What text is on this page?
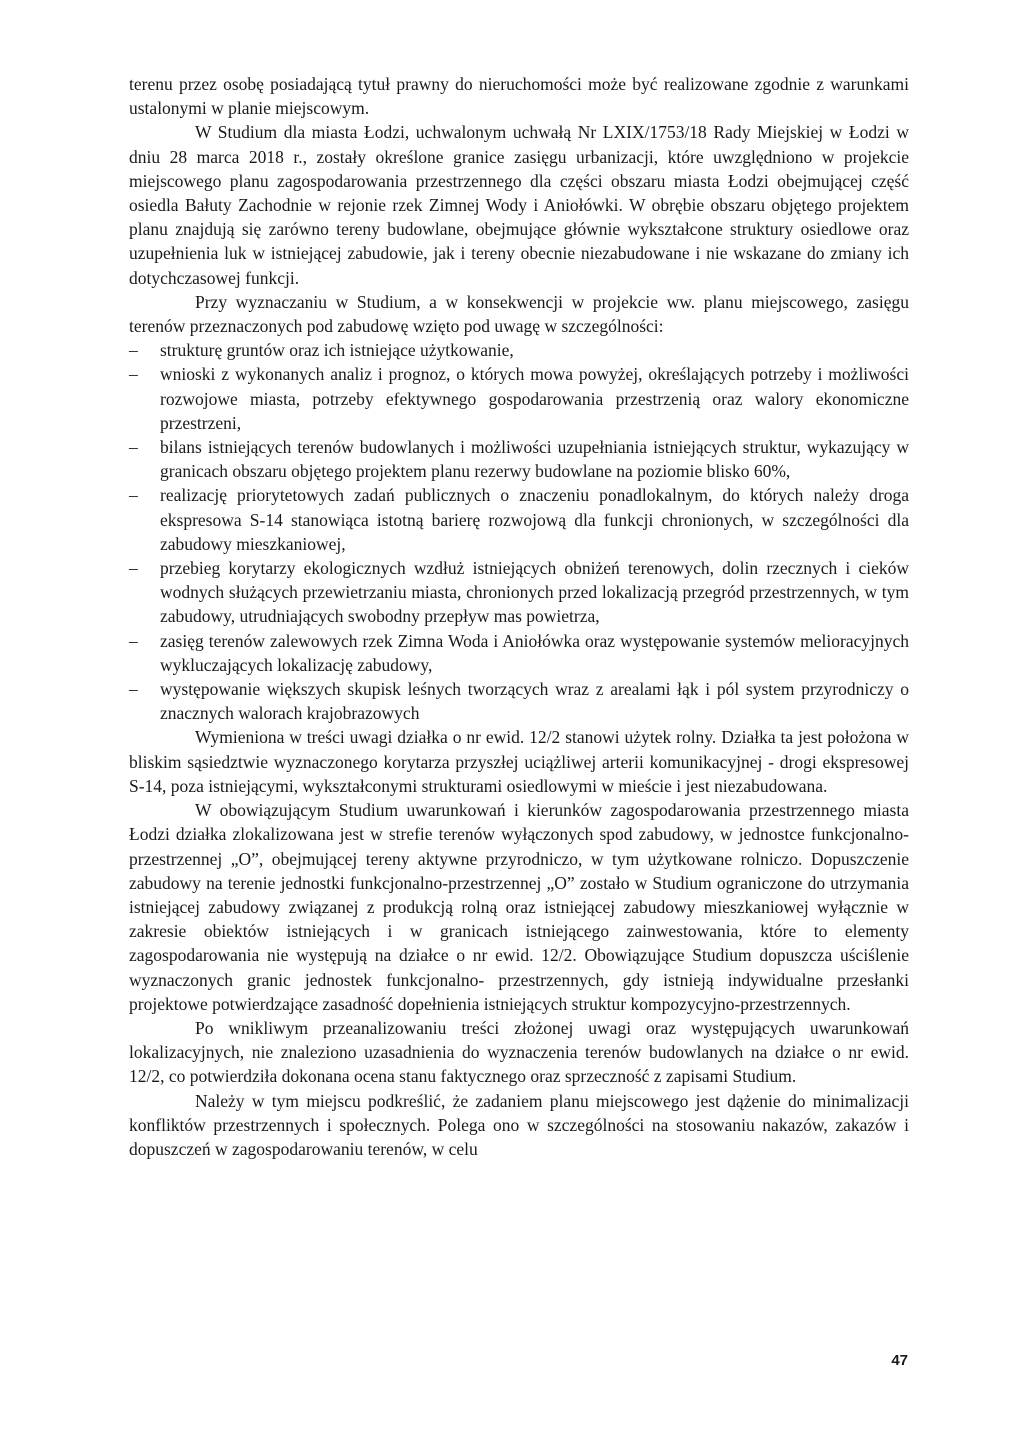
terenu przez osobę posiadającą tytuł prawny do nieruchomości może być realizowane zgodnie z warunkami ustalonymi w planie miejscowym.

W Studium dla miasta Łodzi, uchwalonym uchwałą Nr LXIX/1753/18 Rady Miejskiej w Łodzi w dniu 28 marca 2018 r., zostały określone granice zasięgu urbanizacji, które uwzględniono w projekcie miejscowego planu zagospodarowania przestrzennego dla części obszaru miasta Łodzi obejmującej część osiedla Bałuty Zachodnie w rejonie rzek Zimnej Wody i Aniołówki. W obrębie obszaru objętego projektem planu znajdują się zarówno tereny budowlane, obejmujące głównie wykształcone struktury osiedlowe oraz uzupełnienia luk w istniejącej zabudowie, jak i tereny obecnie niezabudowane i nie wskazane do zmiany ich dotychczasowej funkcji.

Przy wyznaczaniu w Studium, a w konsekwencji w projekcie ww. planu miejscowego, zasięgu terenów przeznaczonych pod zabudowę wzięto pod uwagę w szczególności:

– strukturę gruntów oraz ich istniejące użytkowanie,
– wnioski z wykonanych analiz i prognoz, o których mowa powyżej, określających potrzeby i możliwości rozwojowe miasta, potrzeby efektywnego gospodarowania przestrzenią oraz walory ekonomiczne przestrzeni,
– bilans istniejących terenów budowlanych i możliwości uzupełniania istniejących struktur, wykazujący w granicach obszaru objętego projektem planu rezerwy budowlane na poziomie blisko 60%,
– realizację priorytetowych zadań publicznych o znaczeniu ponadlokalnym, do których należy droga ekspresowa S-14 stanowiąca istotną barierę rozwojową dla funkcji chronionych, w szczególności dla zabudowy mieszkaniowej,
– przebieg korytarzy ekologicznych wzdłuż istniejących obniżeń terenowych, dolin rzecznych i cieków wodnych służących przewietrzaniu miasta, chronionych przed lokalizacją przegród przestrzennych, w tym zabudowy, utrudniających swobodny przepływ mas powietrza,
– zasięg terenów zalewowych rzek Zimna Woda i Aniołówka oraz występowanie systemów melioracyjnych wykluczających lokalizację zabudowy,
– występowanie większych skupisk leśnych tworzących wraz z arealami łąk i pól system przyrodniczy o znacznych walorach krajobrazowych

Wymieniona w treści uwagi działka o nr ewid. 12/2 stanowi użytek rolny. Działka ta jest położona w bliskim sąsiedztwie wyznaczonego korytarza przyszłej uciążliwej arterii komunikacyjnej - drogi ekspresowej S-14, poza istniejącymi, wykształconymi strukturami osiedlowymi w mieście i jest niezabudowana.

W obowiązującym Studium uwarunkowań i kierunków zagospodarowania przestrzennego miasta Łodzi działka zlokalizowana jest w strefie terenów wyłączonych spod zabudowy, w jednostce funkcjonalno-przestrzennej „O”, obejmującej tereny aktywne przyrodniczo, w tym użytkowane rolniczo. Dopuszczenie zabudowy na terenie jednostki funkcjonalno-przestrzennej „O” zostało w Studium ograniczone do utrzymania istniejącej zabudowy związanej z produkcją rolną oraz istniejącej zabudowy mieszkaniowej wyłącznie w zakresie obiektów istniejących i w granicach istniejącego zainwestowania, które to elementy zagospodarowania nie występują na działce o nr ewid. 12/2. Obowiązujące Studium dopuszcza uściślenie wyznaczonych granic jednostek funkcjonalno- przestrzennych, gdy istnieją indywidualne przesłanki projektowe potwierdzające zasadność dopełnienia istniejących struktur kompozycyjno-przestrzennych.

Po wnikliwym przeanalizowaniu treści złożonej uwagi oraz występujących uwarunkowań lokalizacyjnych, nie znaleziono uzasadnienia do wyznaczenia terenów budowlanych na działce o nr ewid. 12/2, co potwierdziła dokonana ocena stanu faktycznego oraz sprzeczność z zapisami Studium.

Należy w tym miejscu podkreślić, że zadaniem planu miejscowego jest dążenie do minimalizacji konfliktów przestrzennych i społecznych. Polega ono w szczególności na stosowaniu nakazów, zakazów i dopuszczeń w zagospodarowaniu terenów, w celu

47
